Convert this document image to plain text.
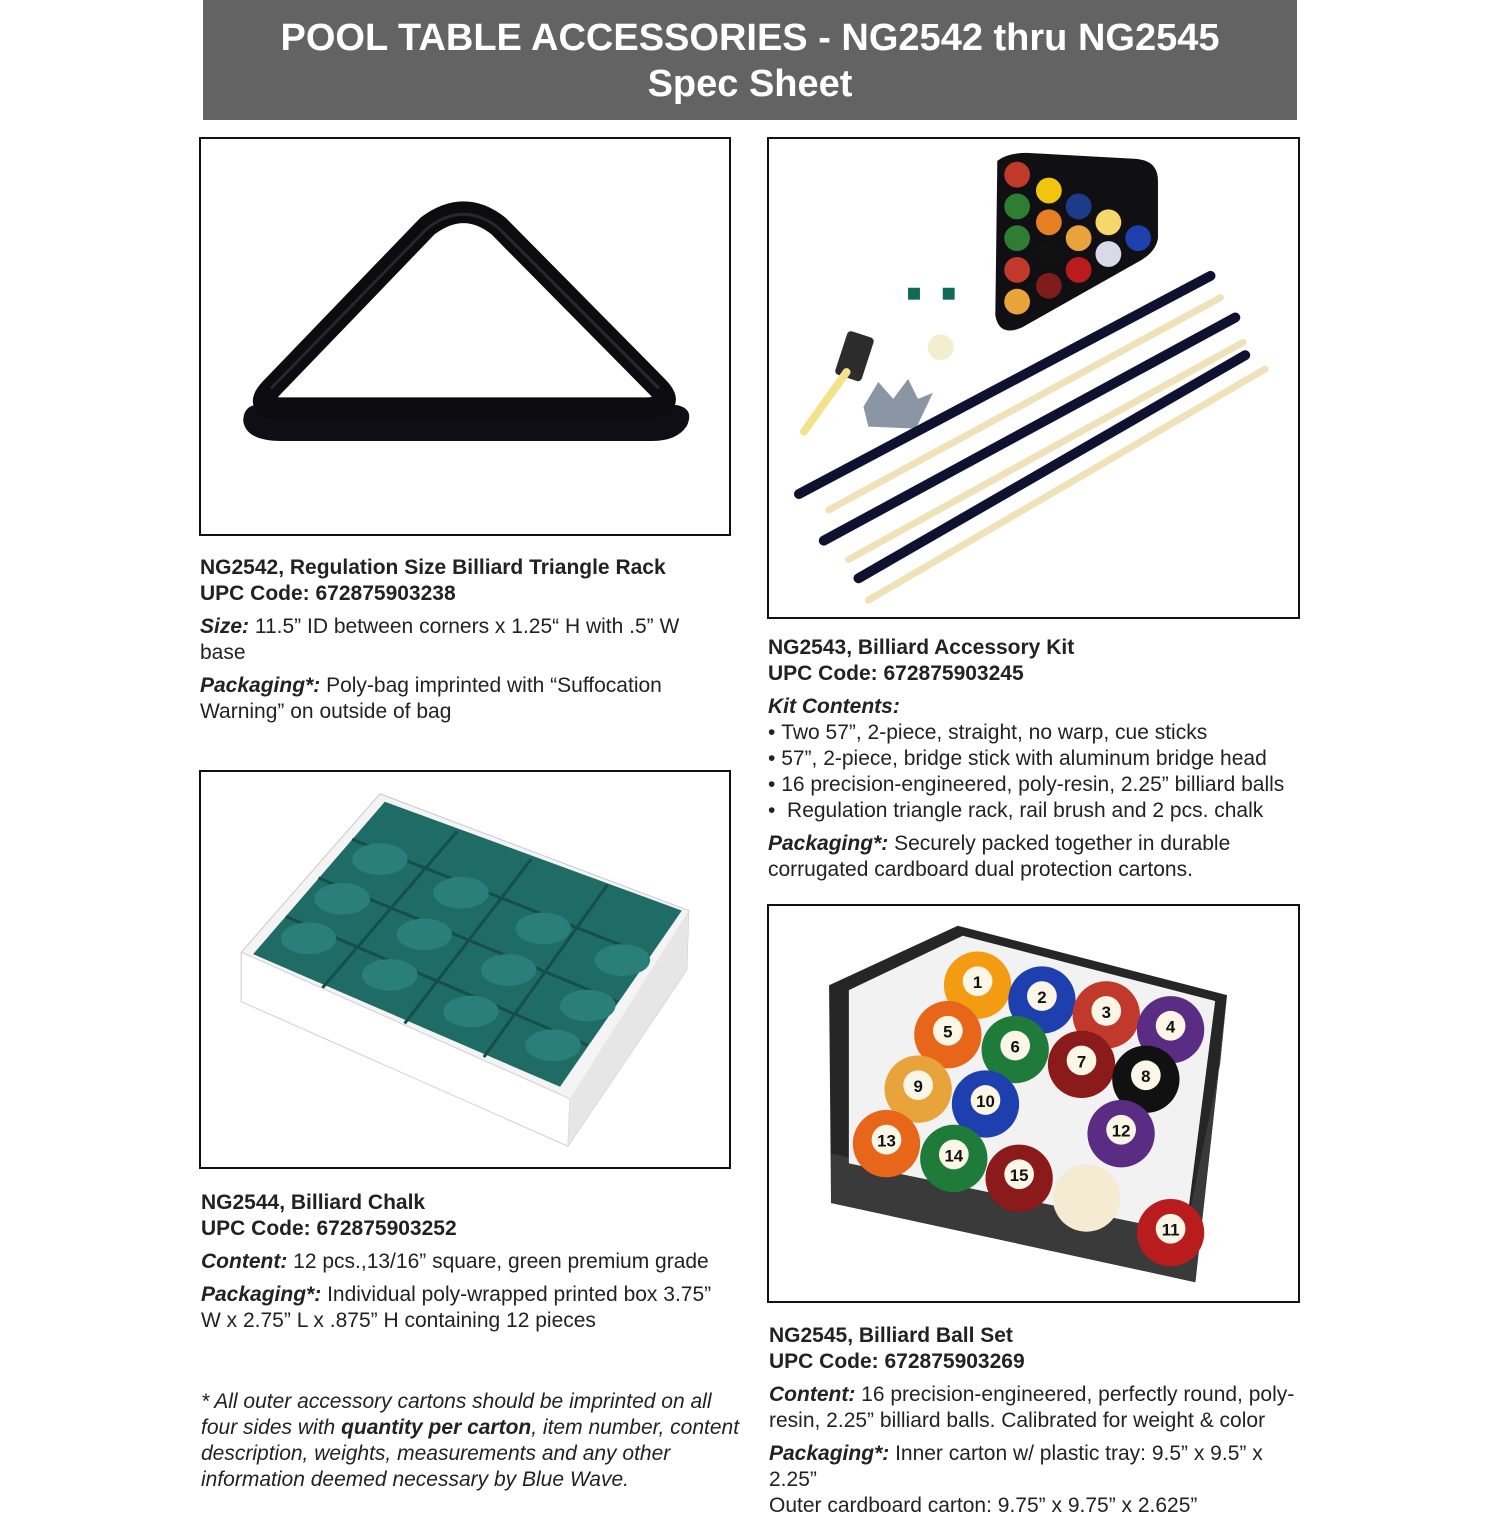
POOL TABLE ACCESSORIES - NG2542 thru NG2545
Spec Sheet
NG2542, Regulation Size Billiard Triangle Rack
UPC Code: 672875903238

Size: 11.5” ID between corners x 1.25“ H with .5” W base

Packaging*: Poly-bag imprinted with “Suffocation Warning” on outside of bag

NG2543, Billiard Accessory Kit
UPC Code: 672875903245

Kit Contents:

• Two 57”, 2-piece, straight, no warp, cue sticks
• 57”, 2-piece, bridge stick with aluminum bridge head
• 16 precision-engineered, poly-resin, 2.25” billiard balls
•  Regulation triangle rack, rail brush and 2 pcs. chalk

Packaging*: Securely packed together in durable corrugated cardboard dual protection cartons.

NG2544, Billiard Chalk
UPC Code: 672875903252

Content: 12 pcs.,13/16” square, green premium grade

Packaging*: Individual poly-wrapped printed box 3.75” W x 2.75” L x .875” H containing 12 pieces

1
2
3
4
5
6
7
8
9
10
12
13
14
15
11
NG2545, Billiard Ball Set
UPC Code: 672875903269

Content: 16 precision-engineered, perfectly round, poly-resin, 2.25” billiard balls. Calibrated for weight & color

Packaging*: Inner carton w/ plastic tray: 9.5” x 9.5” x 2.25”
Outer cardboard carton: 9.75” x 9.75” x 2.625”

* All outer accessory cartons should be imprinted on all four sides with quantity per carton, item number, content description, weights, measurements and any other information deemed necessary by Blue Wave.
